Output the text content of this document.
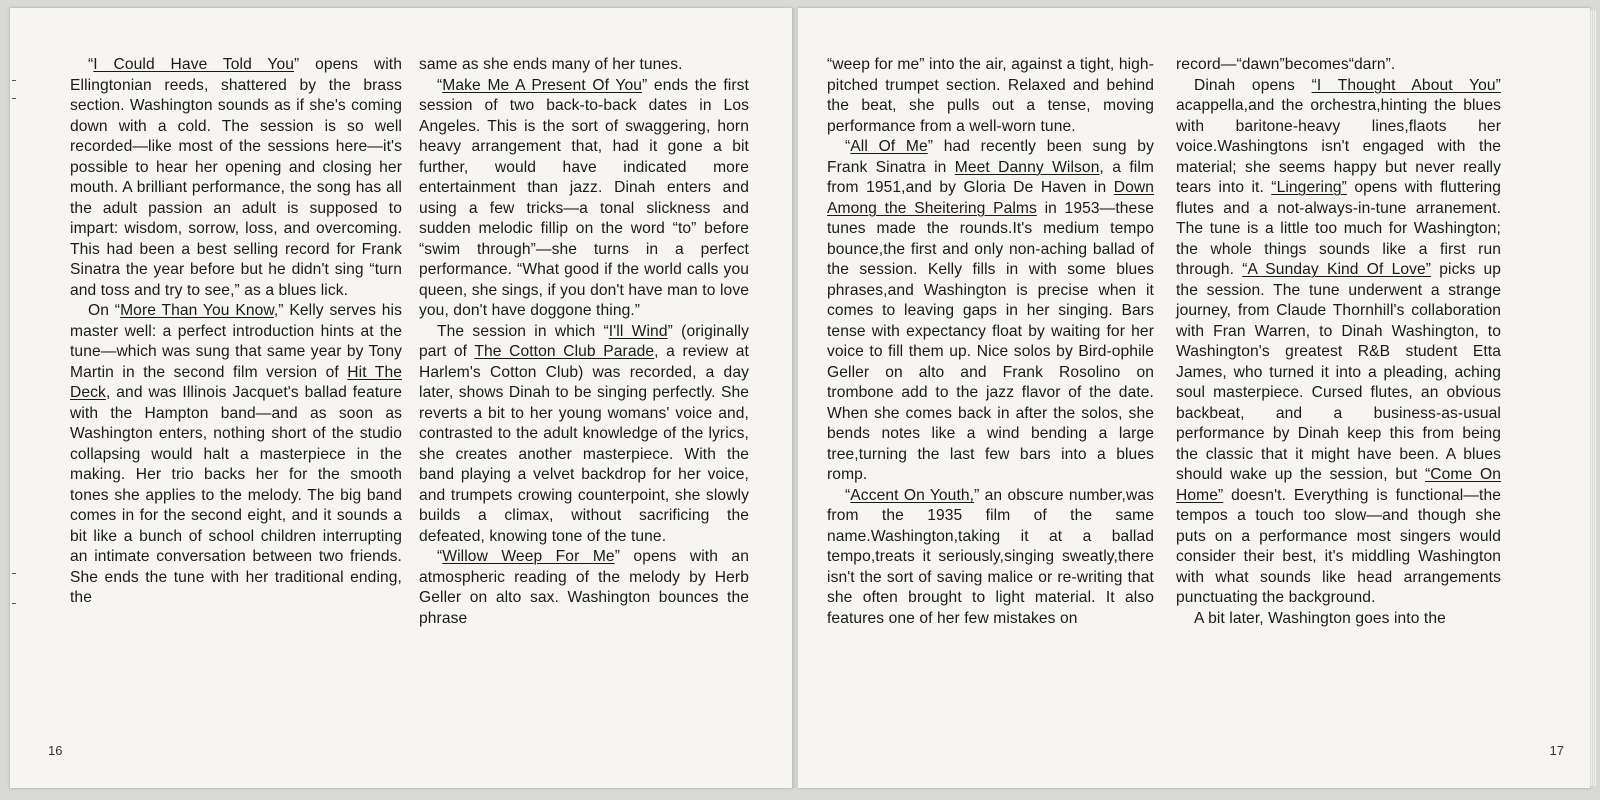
“I Could Have Told You” opens with Ellingtonian reeds, shattered by the brass section. Washington sounds as if she's coming down with a cold. The session is so well recorded—like most of the sessions here—it's possible to hear her opening and closing her mouth. A brilliant performance, the song has all the adult passion an adult is supposed to impart: wisdom, sorrow, loss, and overcoming. This had been a best selling record for Frank Sinatra the year before but he didn't sing “turn and toss and try to see,” as a blues lick.

On “More Than You Know,” Kelly serves his master well: a perfect introduction hints at the tune—which was sung that same year by Tony Martin in the second film version of Hit The Deck, and was Illinois Jacquet's ballad feature with the Hampton band—and as soon as Washington enters, nothing short of the studio collapsing would halt a masterpiece in the making. Her trio backs her for the smooth tones she applies to the melody. The big band comes in for the second eight, and it sounds a bit like a bunch of school children interrupting an intimate conversation between two friends. She ends the tune with her traditional ending, the

same as she ends many of her tunes.

“Make Me A Present Of You” ends the first session of two back-to-back dates in Los Angeles. This is the sort of swaggering, horn heavy arrangement that, had it gone a bit further, would have indicated more entertainment than jazz. Dinah enters and using a few tricks—a tonal slickness and sudden melodic fillip on the word “to” before “swim through”—she turns in a perfect performance. “What good if the world calls you queen, she sings, if you don't have man to love you, don't have doggone thing.”

The session in which “I'll Wind” (originally part of The Cotton Club Parade, a review at Harlem's Cotton Club) was recorded, a day later, shows Dinah to be singing perfectly. She reverts a bit to her young womans' voice and, contrasted to the adult knowledge of the lyrics, she creates another masterpiece. With the band playing a velvet backdrop for her voice, and trumpets crowing counterpoint, she slowly builds a climax, without sacrificing the defeated, knowing tone of the tune.

“Willow Weep For Me” opens with an atmospheric reading of the melody by Herb Geller on alto sax. Washington bounces the phrase

16

“weep for me” into the air, against a tight, high-pitched trumpet section. Relaxed and behind the beat, she pulls out a tense, moving performance from a well-worn tune.

“All Of Me” had recently been sung by Frank Sinatra in Meet Danny Wilson, a film from 1951,and by Gloria De Haven in Down Among the Sheitering Palms in 1953—these tunes made the rounds.It's medium tempo bounce,the first and only non-aching ballad of the session. Kelly fills in with some blues phrases,and Washington is precise when it comes to leaving gaps in her singing. Bars tense with expectancy float by waiting for her voice to fill them up. Nice solos by Bird-ophile Geller on alto and Frank Rosolino on trombone add to the jazz flavor of the date. When she comes back in after the solos, she bends notes like a wind bending a large tree,turning the last few bars into a blues romp.

“Accent On Youth,” an obscure number,was from the 1935 film of the same name.Washington,taking it at a ballad tempo,treats it seriously,singing sweatly,there isn't the sort of saving malice or re-writing that she often brought to light material. It also features one of her few mistakes on

record—“dawn”becomes“darn”.

Dinah opens “I Thought About You” acappella,and the orchestra,hinting the blues with baritone-heavy lines,flaots her voice.Washingtons isn't engaged with the material; she seems happy but never really tears into it. “Lingering” opens with fluttering flutes and a not-always-in-tune arranement. The tune is a little too much for Washington; the whole things sounds like a first run through. “A Sunday Kind Of Love” picks up the session. The tune underwent a strange journey, from Claude Thornhill's collaboration with Fran Warren, to Dinah Washington, to Washington's greatest R&B student Etta James, who turned it into a pleading, aching soul masterpiece. Cursed flutes, an obvious backbeat, and a business-as-usual performance by Dinah keep this from being the classic that it might have been. A blues should wake up the session, but “Come On Home” doesn't. Everything is functional—the tempos a touch too slow—and though she puts on a performance most singers would consider their best, it's middling Washington with what sounds like head arrangements punctuating the background.

A bit later, Washington goes into the

17
